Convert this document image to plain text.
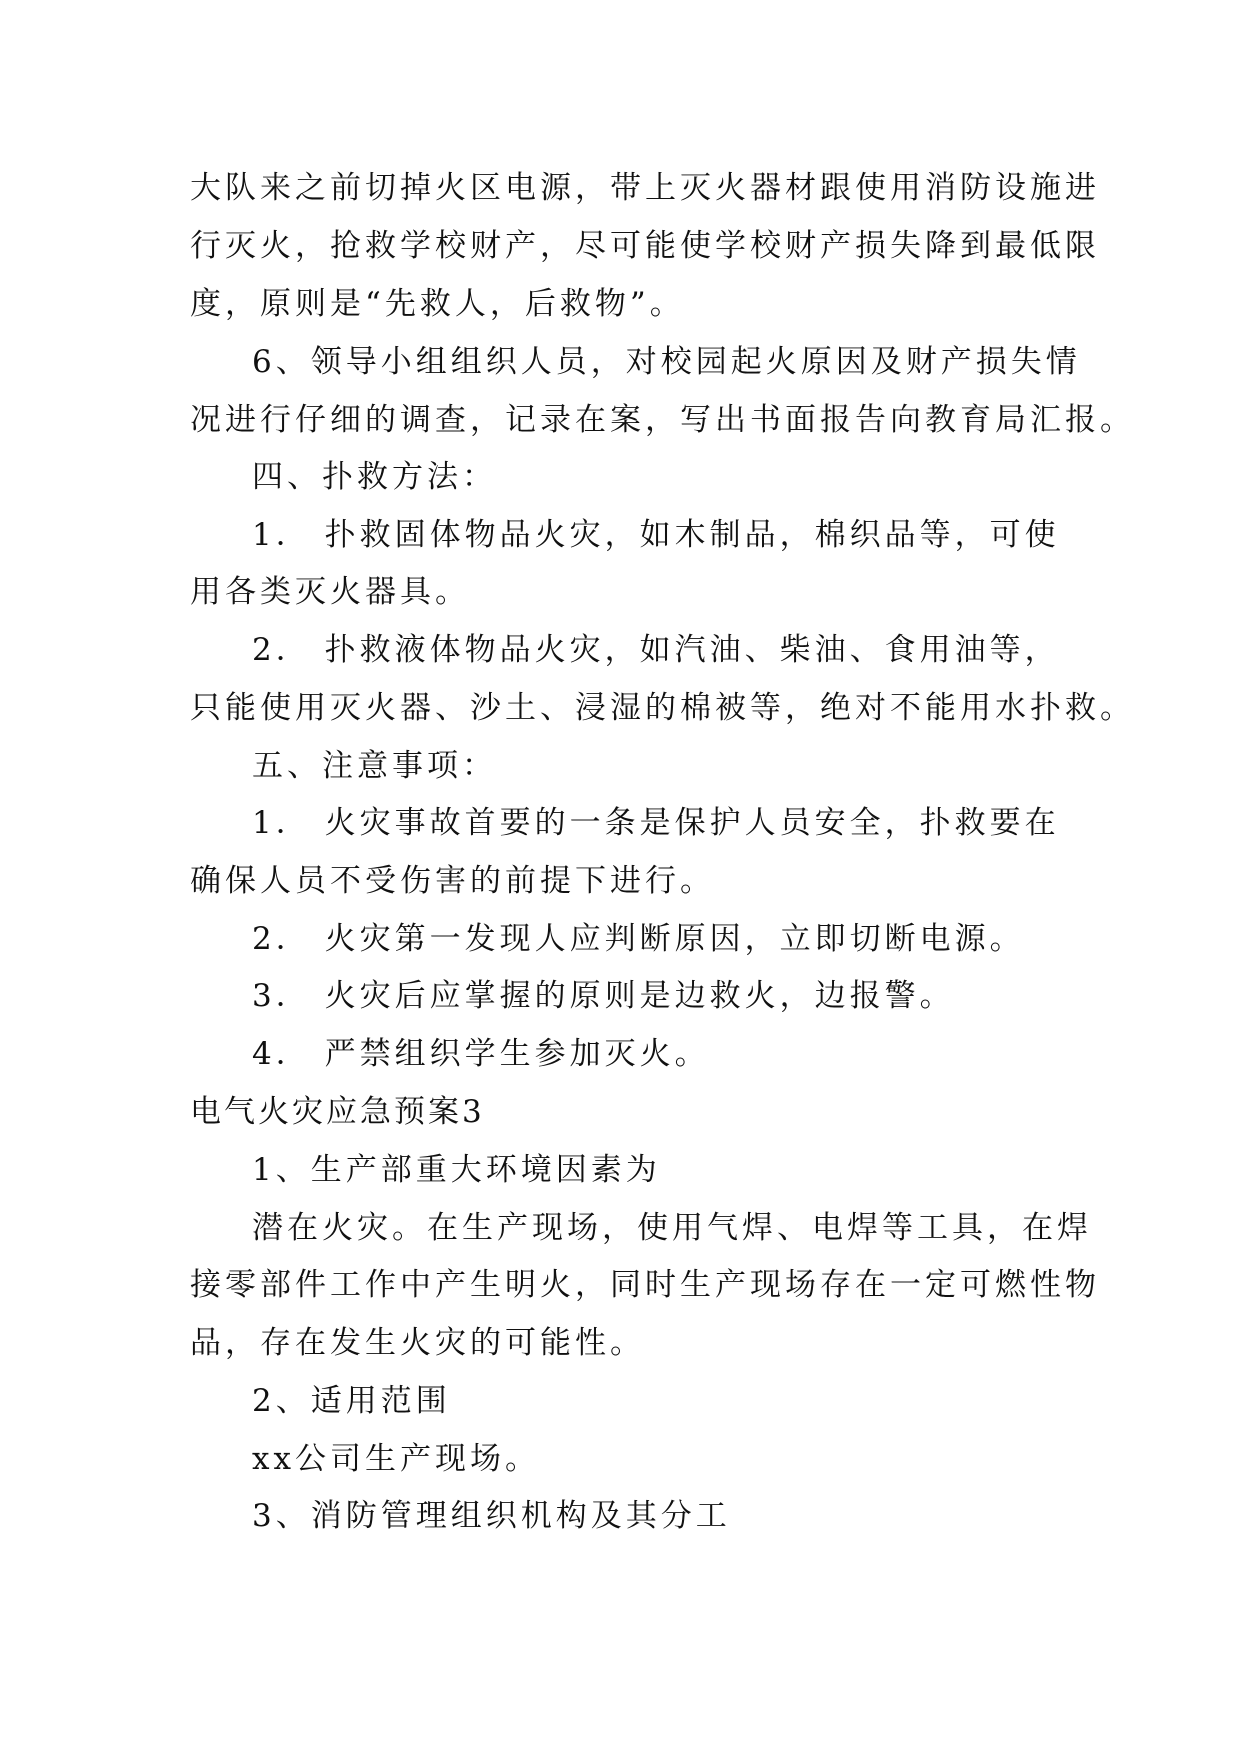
大队来之前切掉火区电源，带上灭火器材跟使用消防设施进
行灭火，抢救学校财产，尽可能使学校财产损失降到最低限
度，原则是“先救人，后救物”。
6、领导小组组织人员，对校园起火原因及财产损失情
况进行仔细的调查，记录在案，写出书面报告向教育局汇报。
四、扑救方法：
1． 扑救固体物品火灾，如木制品，棉织品等，可使
用各类灭火器具。
2． 扑救液体物品火灾，如汽油、柴油、食用油等，
只能使用灭火器、沙土、浸湿的棉被等，绝对不能用水扑救。
五、注意事项：
1． 火灾事故首要的一条是保护人员安全，扑救要在
确保人员不受伤害的前提下进行。
2． 火灾第一发现人应判断原因，立即切断电源。
3． 火灾后应掌握的原则是边救火，边报警。
4． 严禁组织学生参加灭火。
电气火灾应急预案3
1、生产部重大环境因素为
潜在火灾。在生产现场，使用气焊、电焊等工具，在焊
接零部件工作中产生明火，同时生产现场存在一定可燃性物
品，存在发生火灾的可能性。
2、适用范围
xx公司生产现场。
3、消防管理组织机构及其分工
